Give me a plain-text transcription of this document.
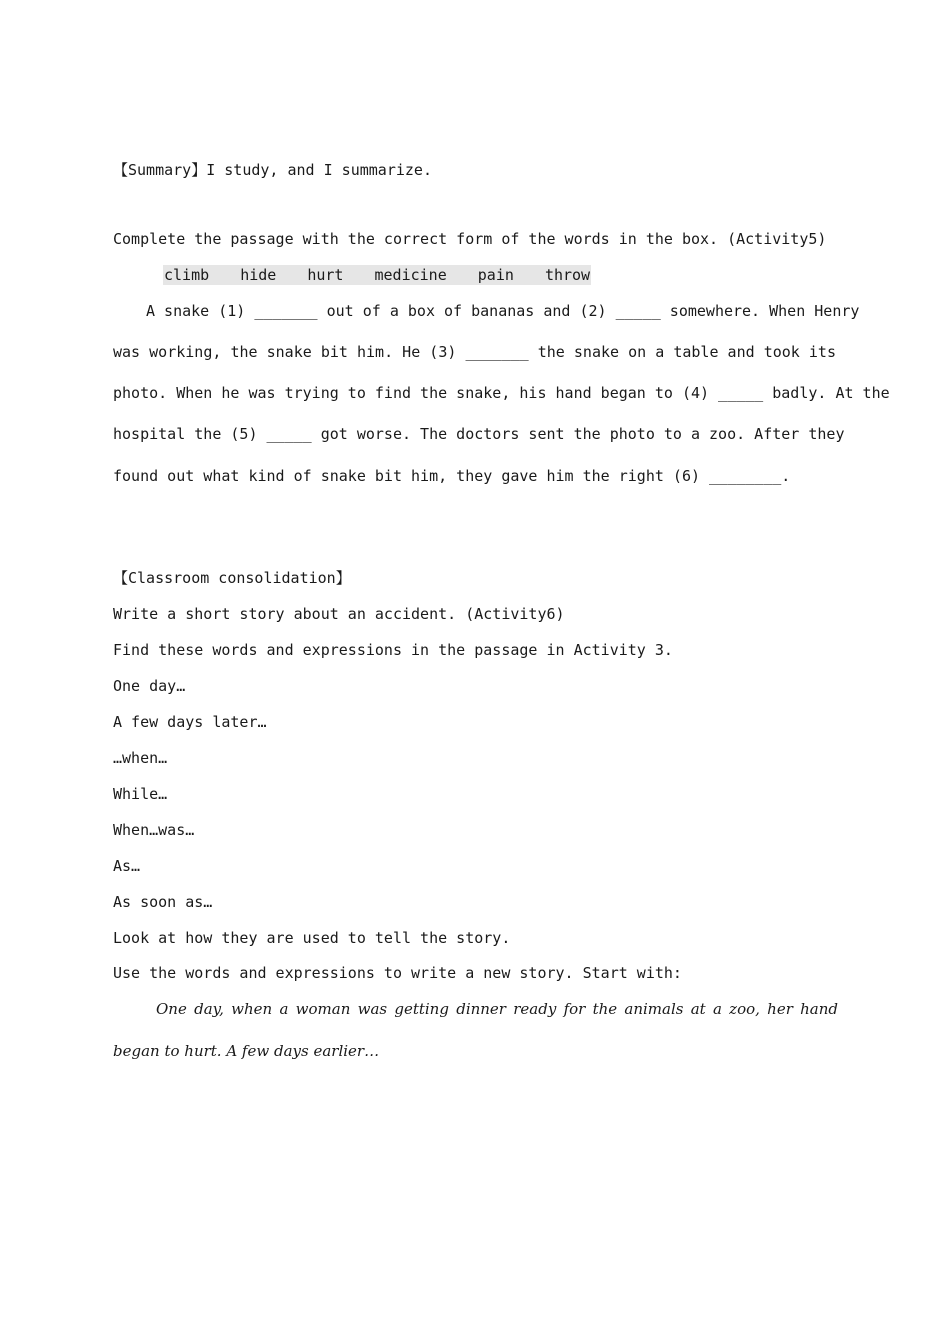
【Summary】I study, and I summarize.
Complete the passage with the correct form of the words in the box. (Activity5)
climb hide hurt medicine pain throw
A snake (1) _______ out of a box of bananas and (2) _____ somewhere. When Henry
was working, the snake bit him. He (3) _______ the snake on a table and took its
photo. When he was trying to find the snake, his hand began to (4) _____ badly. At the
hospital the (5) _____ got worse. The doctors sent the photo to a zoo. After they
found out what kind of snake bit him, they gave him the right (6) ________.
【Classroom consolidation】
Write a short story about an accident. (Activity6)
Find these words and expressions in the passage in Activity 3.
One day…
A few days later…
…when…
While…
When…was…
As…
As soon as…
Look at how they are used to tell the story.
Use the words and expressions to write a new story. Start with:
One day, when a woman was getting dinner ready for the animals at a zoo, her hand
began to hurt. A few days earlier…
